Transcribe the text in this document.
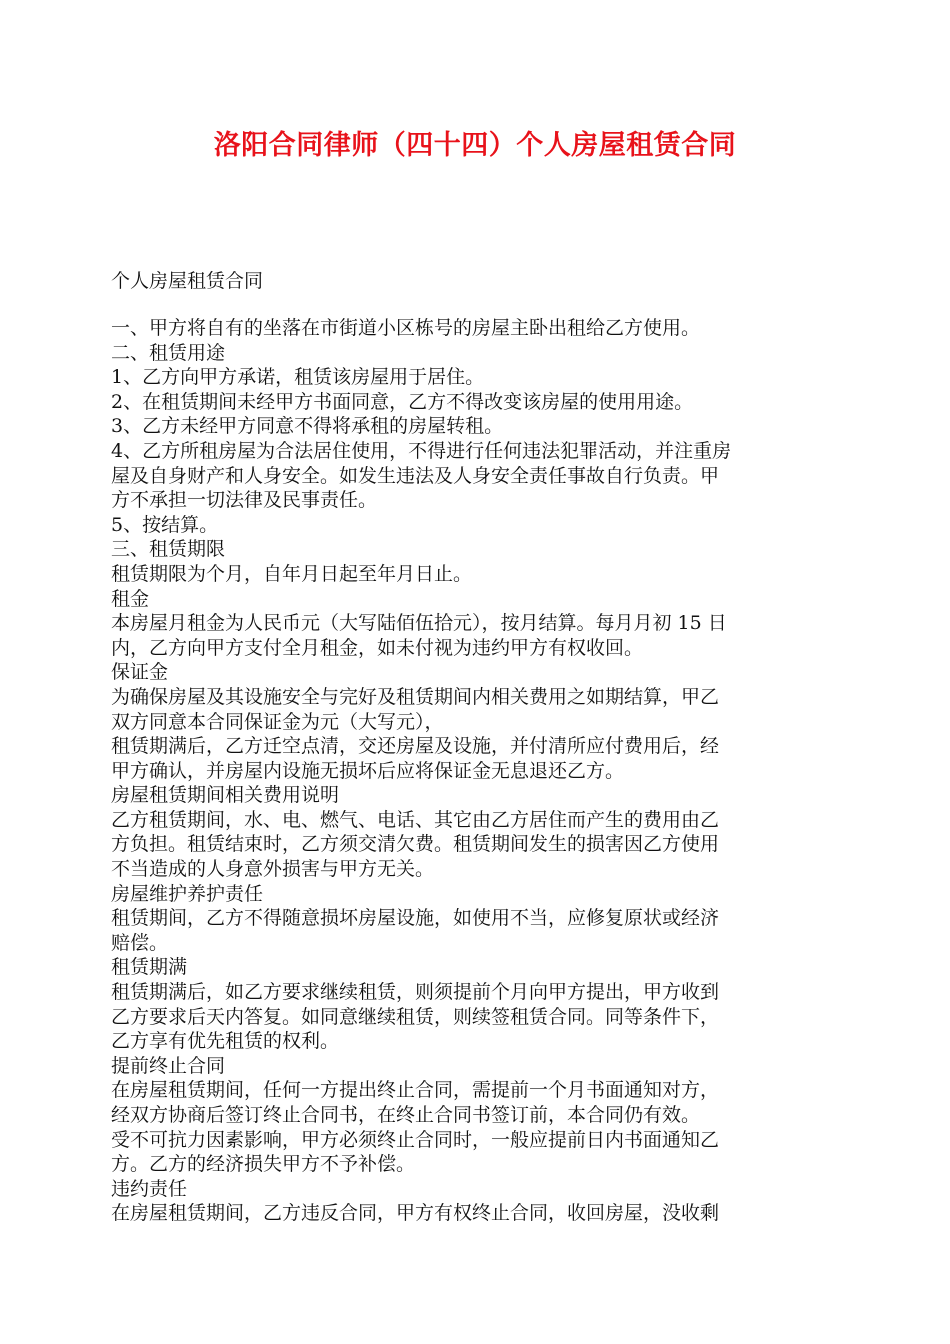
洛阳合同律师（四十四）个人房屋租赁合同

个人房屋租赁合同

一、甲方将自有的坐落在市街道小区栋号的房屋主卧出租给乙方使用。
二、租赁用途
1、乙方向甲方承诺，租赁该房屋用于居住。
2、在租赁期间未经甲方书面同意，乙方不得改变该房屋的使用用途。
3、乙方未经甲方同意不得将承租的房屋转租。
4、乙方所租房屋为合法居住使用，不得进行任何违法犯罪活动，并注重房
屋及自身财产和人身安全。如发生违法及人身安全责任事故自行负责。甲
方不承担一切法律及民事责任。
5、按结算。
三、租赁期限
租赁期限为个月，自年月日起至年月日止。
租金
本房屋月租金为人民币元（大写陆佰伍拾元），按月结算。每月月初 15 日
内，乙方向甲方支付全月租金，如未付视为违约甲方有权收回。
保证金
为确保房屋及其设施安全与完好及租赁期间内相关费用之如期结算，甲乙
双方同意本合同保证金为元（大写元），
租赁期满后，乙方迁空点清，交还房屋及设施，并付清所应付费用后，经
甲方确认，并房屋内设施无损坏后应将保证金无息退还乙方。
房屋租赁期间相关费用说明
乙方租赁期间，水、电、燃气、电话、其它由乙方居住而产生的费用由乙
方负担。租赁结束时，乙方须交清欠费。租赁期间发生的损害因乙方使用
不当造成的人身意外损害与甲方无关。
房屋维护养护责任
租赁期间，乙方不得随意损坏房屋设施，如使用不当，应修复原状或经济
赔偿。
租赁期满
租赁期满后，如乙方要求继续租赁，则须提前个月向甲方提出，甲方收到
乙方要求后天内答复。如同意继续租赁，则续签租赁合同。同等条件下，
乙方享有优先租赁的权利。
提前终止合同
在房屋租赁期间，任何一方提出终止合同，需提前一个月书面通知对方，
经双方协商后签订终止合同书，在终止合同书签订前，本合同仍有效。
受不可抗力因素影响，甲方必须终止合同时，一般应提前日内书面通知乙
方。乙方的经济损失甲方不予补偿。
违约责任
在房屋租赁期间，乙方违反合同，甲方有权终止合同，收回房屋，没收剩
